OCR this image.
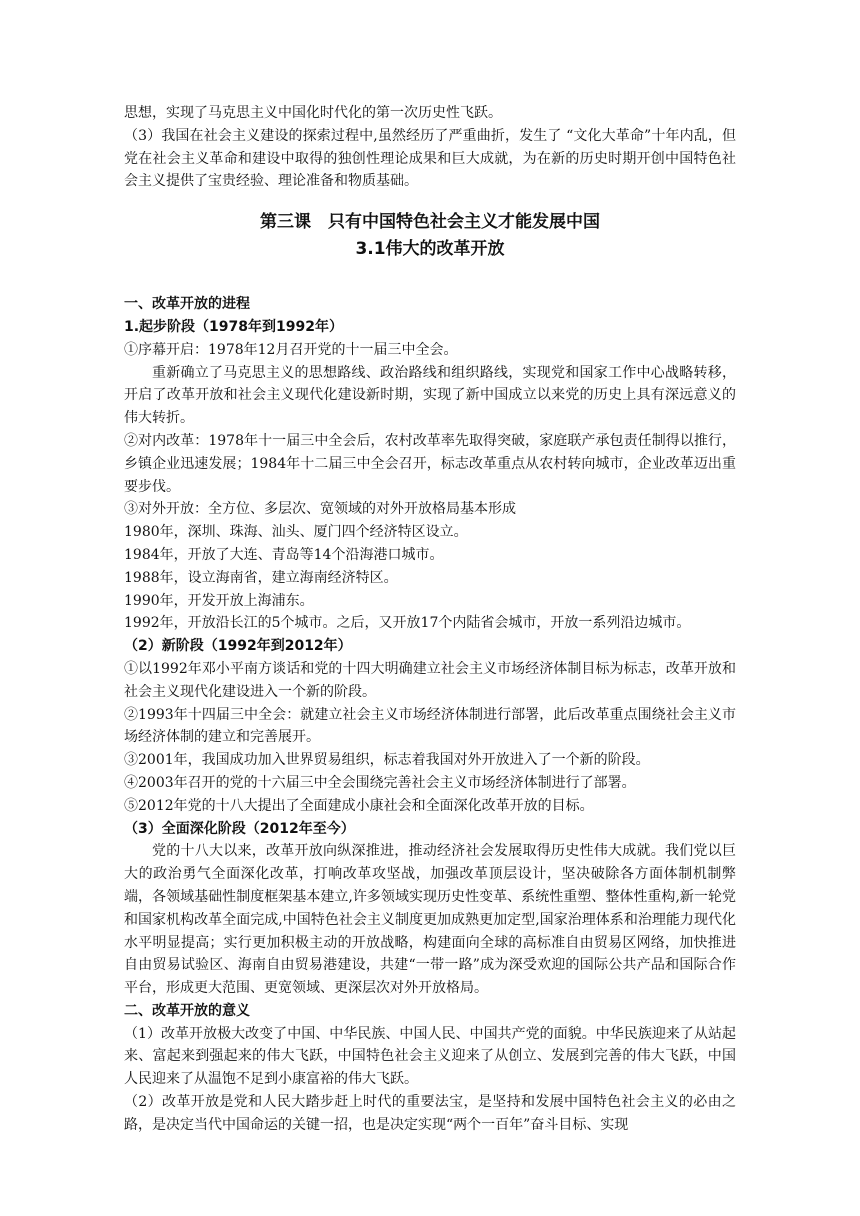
思想，实现了马克思主义中国化时代化的第一次历史性飞跃。

（3）我国在社会主义建设的探索过程中,虽然经历了严重曲折，发生了 “文化大革命”十年内乱，但党在社会主义革命和建设中取得的独创性理论成果和巨大成就，为在新的历史时期开创中国特色社会主义提供了宝贵经验、理论准备和物质基础。

第三课　只有中国特色社会主义才能发展中国

3.1伟大的改革开放

一、改革开放的进程

1.起步阶段（1978年到1992年）

①序幕开启：1978年12月召开党的十一届三中全会。

重新确立了马克思主义的思想路线、政治路线和组织路线，实现党和国家工作中心战略转移，开启了改革开放和社会主义现代化建设新时期，实现了新中国成立以来党的历史上具有深远意义的伟大转折。

②对内改革：1978年十一届三中全会后，农村改革率先取得突破，家庭联产承包责任制得以推行，乡镇企业迅速发展；1984年十二届三中全会召开，标志改革重点从农村转向城市，企业改革迈出重要步伐。

③对外开放：全方位、多层次、宽领域的对外开放格局基本形成

1980年，深圳、珠海、汕头、厦门四个经济特区设立。

1984年，开放了大连、青岛等14个沿海港口城市。

1988年，设立海南省，建立海南经济特区。

1990年，开发开放上海浦东。

1992年，开放沿长江的5个城市。之后，又开放17个内陆省会城市，开放一系列沿边城市。

（2）新阶段（1992年到2012年）

①以1992年邓小平南方谈话和党的十四大明确建立社会主义市场经济体制目标为标志，改革开放和社会主义现代化建设进入一个新的阶段。

②1993年十四届三中全会：就建立社会主义市场经济体制进行部署，此后改革重点围绕社会主义市场经济体制的建立和完善展开。

③2001年，我国成功加入世界贸易组织，标志着我国对外开放进入了一个新的阶段。

④2003年召开的党的十六届三中全会围绕完善社会主义市场经济体制进行了部署。

⑤2012年党的十八大提出了全面建成小康社会和全面深化改革开放的目标。

（3）全面深化阶段（2012年至今）

党的十八大以来，改革开放向纵深推进，推动经济社会发展取得历史性伟大成就。我们党以巨大的政治勇气全面深化改革，打响改革攻坚战，加强改革顶层设计，坚决破除各方面体制机制弊端，各领域基础性制度框架基本建立,许多领域实现历史性变革、系统性重塑、整体性重构,新一轮党和国家机构改革全面完成,中国特色社会主义制度更加成熟更加定型,国家治理体系和治理能力现代化水平明显提高；实行更加积极主动的开放战略，构建面向全球的高标准自由贸易区网络，加快推进自由贸易试验区、海南自由贸易港建设，共建“一带一路”成为深受欢迎的国际公共产品和国际合作平台，形成更大范围、更宽领域、更深层次对外开放格局。

二、改革开放的意义

（1）改革开放极大改变了中国、中华民族、中国人民、中国共产党的面貌。中华民族迎来了从站起来、富起来到强起来的伟大飞跃，中国特色社会主义迎来了从创立、发展到完善的伟大飞跃，中国人民迎来了从温饱不足到小康富裕的伟大飞跃。

（2）改革开放是党和人民大踏步赶上时代的重要法宝，是坚持和发展中国特色社会主义的必由之路，是决定当代中国命运的关键一招，也是决定实现“两个一百年”奋斗目标、实现
